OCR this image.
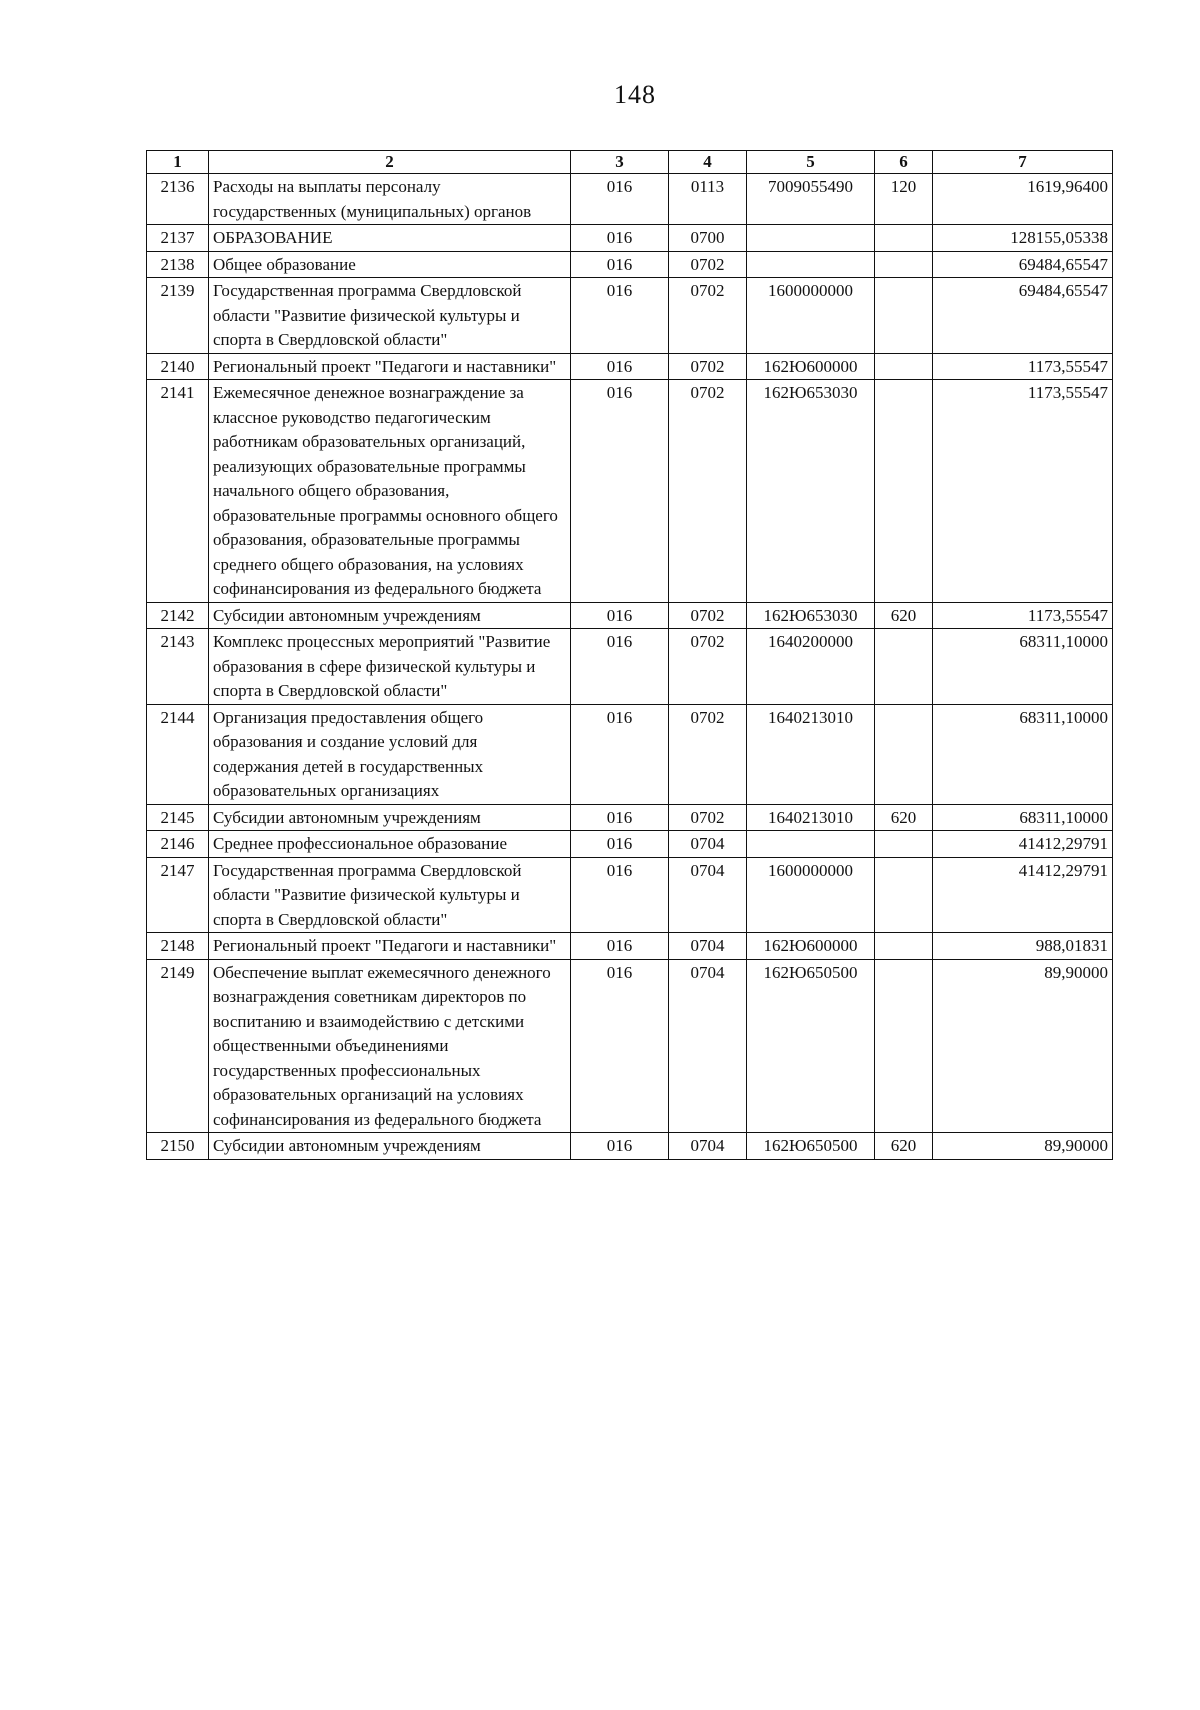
148
1	2	3	4	5	6	7
2136	Расходы на выплаты персоналу государственных (муниципальных) органов	016	0113	7009055490	120	1619,96400
2137	ОБРАЗОВАНИЕ	016	0700			128155,05338
2138	Общее образование	016	0702			69484,65547
2139	Государственная программа Свердловской области "Развитие физической культуры и спорта в Свердловской области"	016	0702	1600000000		69484,65547
2140	Региональный проект "Педагоги и наставники"	016	0702	162Ю600000		1173,55547
2141	Ежемесячное денежное вознаграждение за классное руководство педагогическим работникам образовательных организаций, реализующих образовательные программы начального общего образования, образовательные программы основного общего образования, образовательные программы среднего общего образования, на условиях софинансирования из федерального бюджета	016	0702	162Ю653030		1173,55547
2142	Субсидии автономным учреждениям	016	0702	162Ю653030	620	1173,55547
2143	Комплекс процессных мероприятий "Развитие образования в сфере физической культуры и спорта в Свердловской области"	016	0702	1640200000		68311,10000
2144	Организация предоставления общего образования и создание условий для содержания детей в государственных образовательных организациях	016	0702	1640213010		68311,10000
2145	Субсидии автономным учреждениям	016	0702	1640213010	620	68311,10000
2146	Среднее профессиональное образование	016	0704			41412,29791
2147	Государственная программа Свердловской области "Развитие физической культуры и спорта в Свердловской области"	016	0704	1600000000		41412,29791
2148	Региональный проект "Педагоги и наставники"	016	0704	162Ю600000		988,01831
2149	Обеспечение выплат ежемесячного денежного вознаграждения советникам директоров по воспитанию и взаимодействию с детскими общественными объединениями государственных профессиональных образовательных организаций на условиях софинансирования из федерального бюджета	016	0704	162Ю650500		89,90000
2150	Субсидии автономным учреждениям	016	0704	162Ю650500	620	89,90000
